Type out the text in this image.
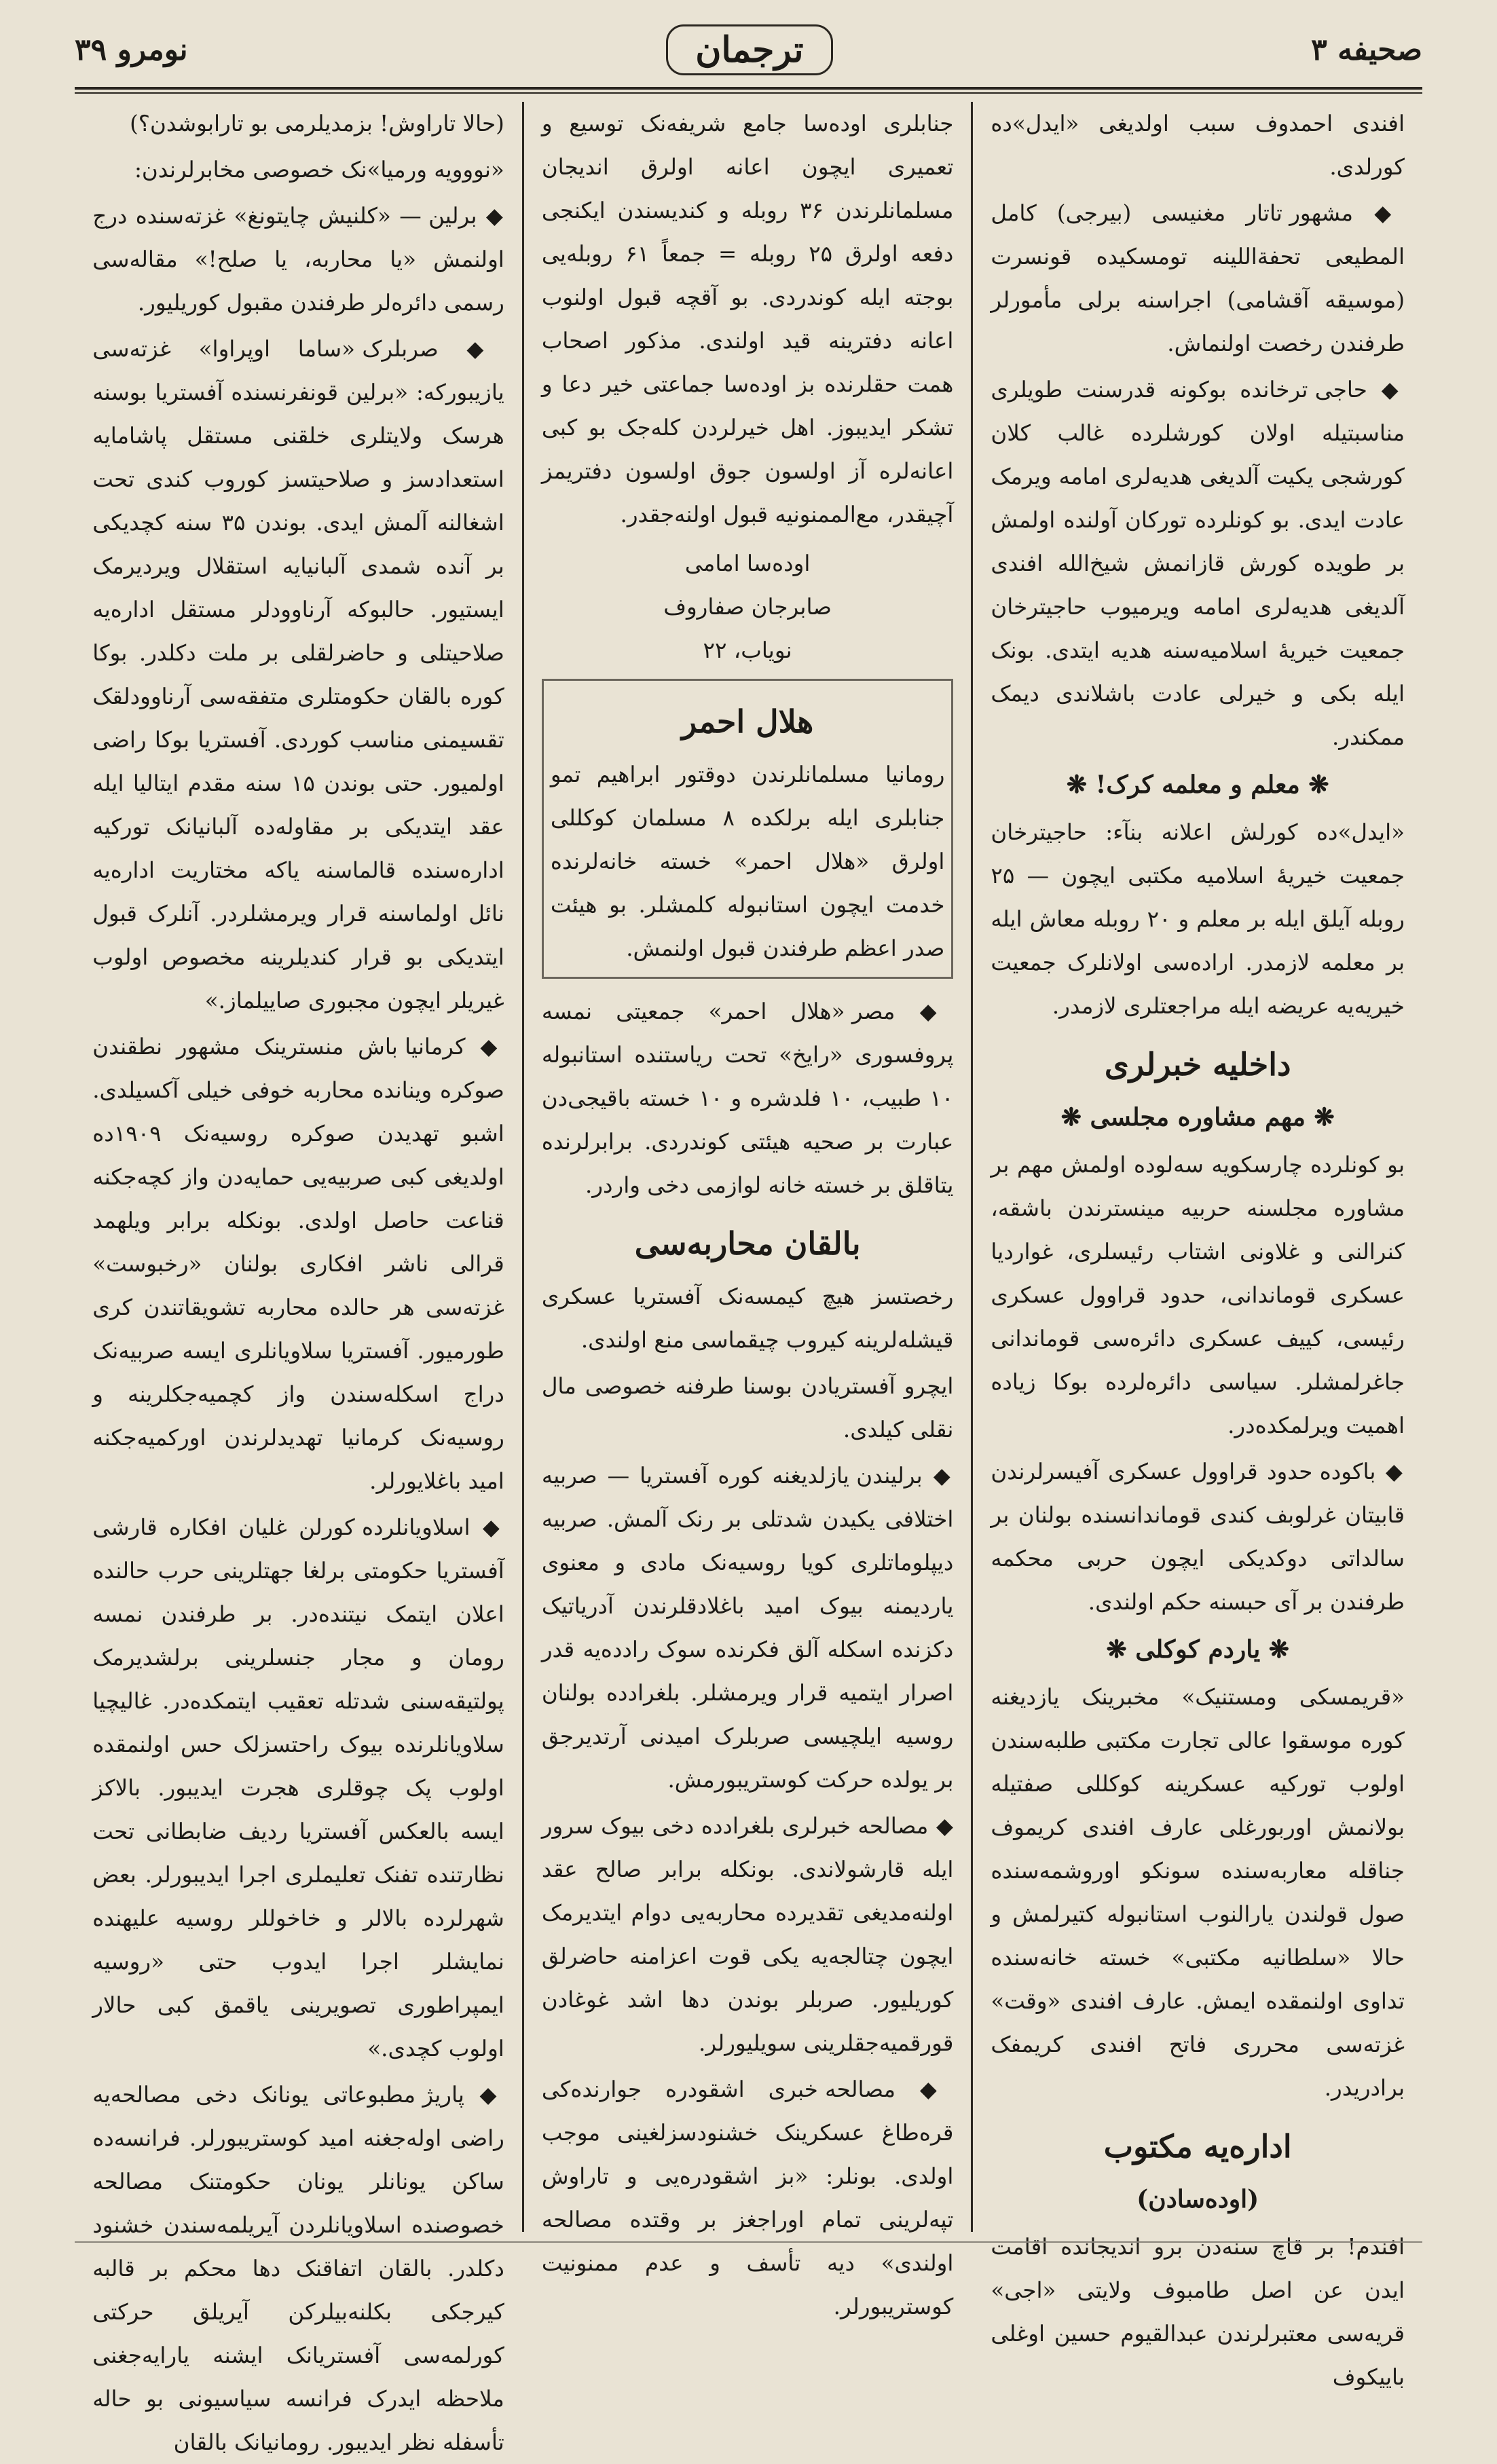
صحیفه ۳
ترجمان
نومرو ۳۹

افندی احمدوف سبب اولدیغی «ایدل»ده کورلدی.

◆ مشهور تاتار مغنیسی (بیرجی) کامل المطیعی تحفةاللینه تومسکیده قونسرت (موسیقه آقشامی) اجراسنه برلی مأمورلر طرفندن رخصت اولنماش.

◆ حاجی ترخانده بوکونه قدرسنت طویلری مناسبتیله اولان کورشلرده غالب کلان کورشجی یکیت آلدیغی هدیه‌لری امامه ویرمک عادت ایدی. بو کونلرده تورکان آولنده اولمش بر طویده کورش قازانمش شیخ‌الله افندی آلدیغی هدیه‌لری امامه ویرمیوب حاجیترخان جمعیت خیریهٔ اسلامیه‌سنه هدیه ایتدی. بونک ایله بکی و خیرلی عادت باشلاندی دیمک ممکندر.

❋ معلم و معلمه کرک! ❋

«ایدل»ده کورلش اعلانه بنآء: حاجیترخان جمعیت خیریهٔ اسلامیه مکتبی ایچون — ۲۵ روبله آیلق ایله بر معلم و ۲۰ روبله معاش ایله بر معلمه لازمدر. اراده‌سی اولانلرک جمعیت خیریه‌یه عریضه ایله مراجعتلری لازمدر.

داخلیه خبرلری
❋ مهم مشاوره مجلسی ❋

بو کونلرده چارسکویه سه‌لوده اولمش مهم بر مشاوره مجلسنه حربیه مینسترندن باشقه، کنرالنی و غلاونی اشتاب رئیسلری، غواردیا عسکری قو‌ماندانی، حدود قراوول عسکری رئیسی، کییف عسکری دائره‌سی قوماندانی جاغرلمشلر. سیاسی دائره‌لرده بوکا زیاده اهمیت ویرلمکده‌در.

◆ باکوده حدود قراوول عسکری آفیسرلرندن قابیتان غرلوبف کندی قوماندانسنده بولنان بر سالداتی دوکدیکی ایچون حربی محکمه طرفندن بر آی حبسنه حکم اولندی.

❋ یاردم کوکلی ❋

«قریمسکی ومستنیک» مخبرینک یازدیغنه کوره موسقوا عالی تجارت مکتبی طلبه‌سندن اولوب تورکیه عسکرینه کوکللی صفتیله بولانمش اوربورغلی عارف افندی کریموف جناقله معاربه‌سنده سونکو اوروشمه‌سنده صول قولندن یارا‌لنوب استانبوله کتیرلمش و حالا «سلطانیه مکتبی» خسته خانه‌سنده تداوی اولنمقده ایمش. عارف افندی «وقت» غزته‌سی محرری فاتح افندی کریمفک برادریدر.

اداره‌یه مکتوب
(اوده‌سادن)

افندم! بر قاچ سنه‌دن برو اندیجانده اقامت ایدن عن اصل طامبوف ولایتی «اجی» قریه‌سی معتبرلرندن عبدالقیوم حسین اوغلی باییکوف

جنابلری اوده‌سا جامع شریفه‌نک توسیع و تعمیری ایچون اعانه اولرق اندیجان مسلمانلرندن ۳۶ روبله و کندیسندن ایکنجی دفعه اولرق ۲۵ روبله = جمعاً ۶۱ روبله‌یی بوجته ایله کوندردی. بو آقچه قبول اولنوب اعانه دفترینه قید اولندی. مذکور اصحاب همت حقلرنده بز اوده‌سا جماعتی خیر دعا و تشکر ایدیبوز. اهل خیرلردن کله‌جک بو کبی اعانه‌لره آز اولسون جوق اولسون دفتریمز آچیقدر، مع‌الممنونیه قبول اولنه‌جقدر.

اوده‌سا امامی
صابرجان صفاروف
نویاب، ۲۲
هلال احمر

رومانیا مسلمانلرندن دوقتور ابراهیم تمو جنابلری ایله برلکده ۸ مسلمان کوکللی اولرق «هلال احمر» خسته خانه‌لرنده خدمت ایچون استانبوله کلمشلر. بو هیئت صدر اعظم طرفندن قبول اولنمش.

◆ مصر «هلال احمر» جمعیتی نمسه پروفسوری «رایخ» تحت ریاستنده استانبوله ۱۰ طبیب، ۱۰ فلدشره و ۱۰ خسته باقیجی‌دن عبارت بر صحیه هیئتی کوندردی. برابرلرنده یتاقلق بر خسته خانه لوازمی دخی واردر.

بالقان محاربه‌سی

رخصتسز هیچ کیمسه‌نک آفستریا عسکری قیشله‌لرینه کیروب چیقماسی منع اولندی.

ایچرو آفستریادن بوسنا طرفنه خصوصی مال نقلی کیلدی.

◆ برلیندن یازلدیغنه کوره آفستریا — صربیه اختلافی یکیدن شدتلی بر رنک آلمش. صربیه دیپلوماتلری کویا روسیه‌نک مادی و معنوی یاردیمنه بیوک امید باغلادقلرندن آدریاتیک دکزنده اسکله آلق فکرنده سوک رادده‌یه قدر اصرار ایتمیه قرار ویرمشلر. بلغرادده بولنان روسیه ایلچیسی صربلرک امیدنی آرتدیرجق بر یولده حرکت کوستریبورمش.

◆ مصالحه خبرلری بلغرادده دخی بیوک سرور ایله قارشولاندی. بونکله برابر صالح عقد اولنه‌مدیغی تقدیرده محاربه‌یی دوام ایتدیرمک ایچون چتالجه‌یه یکی قوت اعزامنه حاضرلق کوریلیور. صربلر بوندن دها اشد غوغادن قورقمیه‌جقلرینی سویلیورلر.

◆ مصالحه خبری اشقودره جوارنده‌کی قره‌طاغ عسکرینک خشنودسزلغینی موجب اولدی. بونلر: «بز اشقودره‌یی و تاراوش تپه‌لرینی تمام اوراجغز بر وقتده مصالحه اولندی» دیه تأسف و عدم ممنونیت کوستریبورلر.

(حالا تاراوش! بزمدیلرمی بو تارابوشدن؟)

«نووویه ورمیا»نک خصوصی مخابرلرندن:

◆ برلین — «کلنیش چایتونغ» غزته‌سنده درج اولنمش «یا محاربه، یا صلح!» مقاله‌سی رسمی دائره‌لر طرفندن مقبول کوریلیور.

◆ صربلرک «ساما اوپراوا» غزته‌سی یازیبورکه: «برلین قونفرنسنده آفستریا بوسنه هرسک ولایتلری خلقنی مستقل پاشامایه استعداد‌سز و صلاحیتسز کوروب کندی تحت اشغالنه آلمش ایدی. بوندن ۳۵ سنه کچدیکی بر آنده شمدی آلبانیایه استقلال ویردیرمک ایستیور. حالبوکه آرناوودلر مستقل اداره‌یه صلاحیتلی و حاضرلقلی بر ملت دکلدر. بوکا کوره بالقان حکومتلری متفقه‌سی آرناوودلقک تقسیمنی مناسب کوردی. آفستریا بوکا راضی اولمیور. حتی بوندن ۱۵ سنه مقدم ایتالیا ایله عقد ایتدیکی بر مقاوله‌ده آلبانیانک تورکیه اداره‌سنده قالماسنه یاکه مختاریت اداره‌یه نائل اولماسنه قرار ویرمشلردر. آنلرک قبول ایتدیکی بو قرار کندیلرینه مخصوص اولوب غیریلر ایچون مجبوری صاییلماز.»

◆ کرمانیا باش منسترینک مشهور نطقندن صوکره وینانده محاربه خوفی خیلی آکسیلدی. اشبو تهدیدن صوکره روسیه‌نک ۱۹۰۹ده اولدیغی کبی صربیه‌یی حمایه‌دن واز کچه‌جکنه قناعت حاصل اولدی. بونکله برابر ویلهمد قرالی ناشر افکاری بولنان «رخبوست» غزته‌سی هر حالده محاربه تشویقاتندن کری طورمیور. آفستریا سلاویانلری ایسه صربیه‌نک دراج اسکله‌سندن واز کچمیه‌جکلرینه و روسیه‌نک کرمانیا تهدیدلرندن اورکمیه‌جکنه امید باغلایورلر.

◆ اسلاویانلرده کورلن غلیان افکاره قارشی آفستریا حکومتی برلغا جهتلرینی حرب حالنده اعلان ایتمک نیتنده‌در. بر طرفندن نمسه رومان و مجار جنسلرینی برلشدیرمک پولتیقه‌سنی شدتله تعقیب ایتمکده‌در. غالیچیا سلاویانلرنده بیوک راحتسزلک حس اولنمقده اولوب پک چوقلری هجرت ایدیبور. بالاکز ایسه بالعکس آفستریا ردیف ضابطانی تحت نظارتنده تفنک تعلیملری اجرا ایدیبورلر. بعض شهرلرده بالالر و خاخوللر روسیه علیهنده نمایشلر اجرا ایدوب حتی «روسیه ایمپراطوری تصویرینی یاقمق کبی حالار اولوب کچدی.»

◆ پاریژ مطبوعاتی یونانک دخی مصالحه‌یه راضی اوله‌جغنه امید کوستریبورلر. فرانسه‌ده ساکن یونانلر یونان حکومتنک مصالحه خصوصنده اسلاویانلردن آیریلمه‌سندن خشنود دکلدر. بالقان اتفاقنک دها محکم بر قالبه کیرجکی بکلنه‌بیلرکن آیریلق حرکتی کورلمه‌سی آفستریانک ایشنه یارایه‌جغنی ملاحظه ایدرک فرانسه سیاسیونی بو حاله تأسفله نظر ایدیبور. رومانیانک بالقان
